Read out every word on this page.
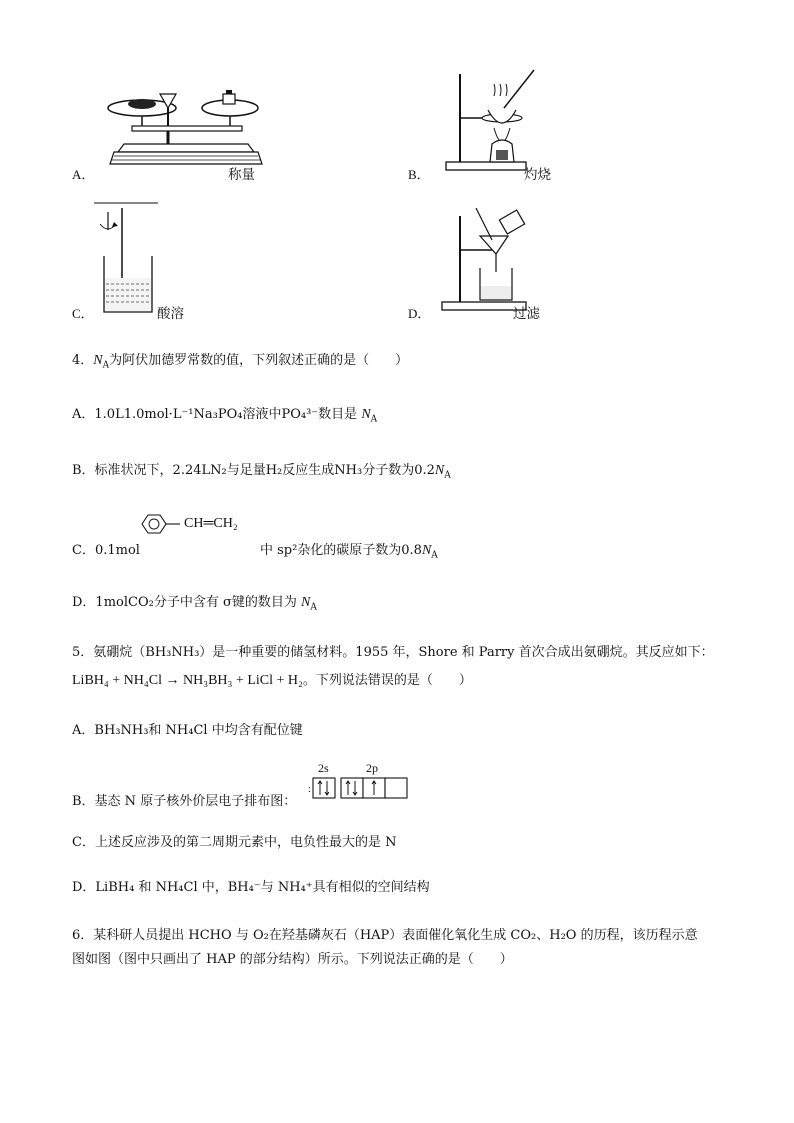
A．	称量	B．	灼烧
C．	酸溶	D．	过滤
4．$N_A$为阿伏加德罗常数的值，下列叙述正确的是（　　）
A．1.0L1.0mol·L⁻¹Na₃PO₄溶液中PO₄³⁻数目是 $N_A$
B．标准状况下，2.24LN₂与足量H₂反应生成NH₃分子数为$0.2N_A$
CH═CH₂
C．0.1mol	中 sp²杂化的碳原子数为$0.8N_A$
D．1molCO₂分子中含有 σ键的数目为 $N_A$
5．氨硼烷（BH₃NH₃）是一种重要的储氢材料。1955 年，Shore 和 Parry 首次合成出氨硼烷。其反应如下：
LiBH₄ + NH₄Cl → NH₃BH₃ + LiCl + H₂。下列说法错误的是（　　）
A．BH₃NH₃和 NH₄Cl 中均含有配位键
B．基态 N 原子核外价层电子排布图：
2s	2p
:
C．上述反应涉及的第二周期元素中，电负性最大的是 N
D．LiBH₄ 和 NH₄Cl 中，BH₄⁻与 NH₄⁺具有相似的空间结构
6．某科研人员提出 HCHO 与 O₂在羟基磷灰石（HAP）表面催化氧化生成 CO₂、H₂O 的历程，该历程示意
图如图（图中只画出了 HAP 的部分结构）所示。下列说法正确的是（　　）
